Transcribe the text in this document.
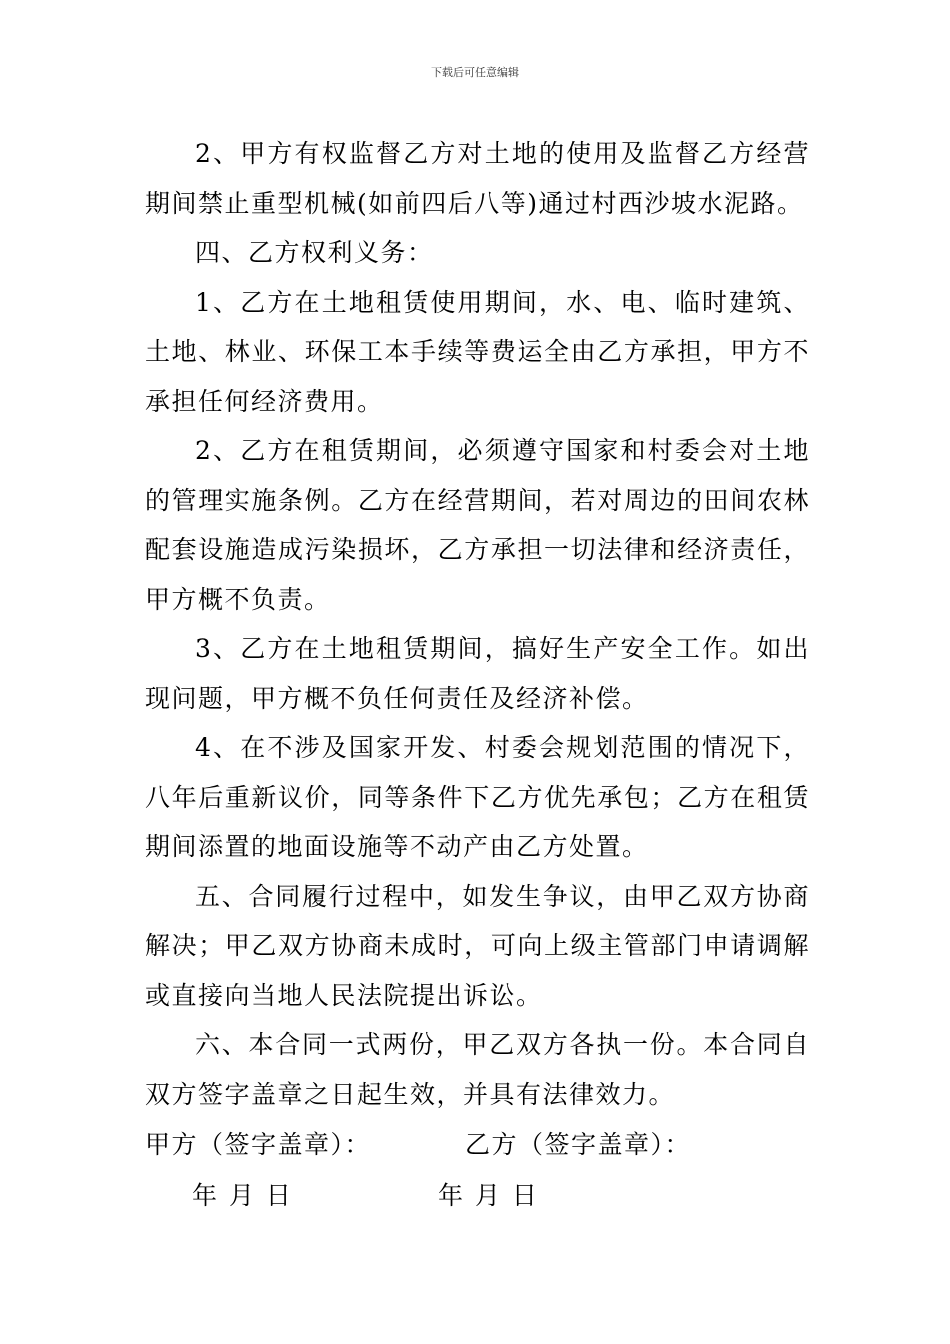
下载后可任意编辑

2、甲方有权监督乙方对土地的使用及监督乙方经营期间禁止重型机械(如前四后八等)通过村西沙坡水泥路。

四、乙方权利义务：

1、乙方在土地租赁使用期间，水、电、临时建筑、土地、林业、环保工本手续等费运全由乙方承担，甲方不承担任何经济费用。

2、乙方在租赁期间，必须遵守国家和村委会对土地的管理实施条例。乙方在经营期间，若对周边的田间农林配套设施造成污染损坏，乙方承担一切法律和经济责任，甲方概不负责。

3、乙方在土地租赁期间，搞好生产安全工作。如出现问题，甲方概不负任何责任及经济补偿。

4、在不涉及国家开发、村委会规划范围的情况下，八年后重新议价，同等条件下乙方优先承包；乙方在租赁期间添置的地面设施等不动产由乙方处置。

五、合同履行过程中，如发生争议，由甲乙双方协商解决；甲乙双方协商未成时，可向上级主管部门申请调解或直接向当地人民法院提出诉讼。

六、本合同一式两份，甲乙双方各执一份。本合同自双方签字盖章之日起生效，并具有法律效力。

甲方（签字盖章）：	乙方（签字盖章）：
年 月 日	年 月 日
